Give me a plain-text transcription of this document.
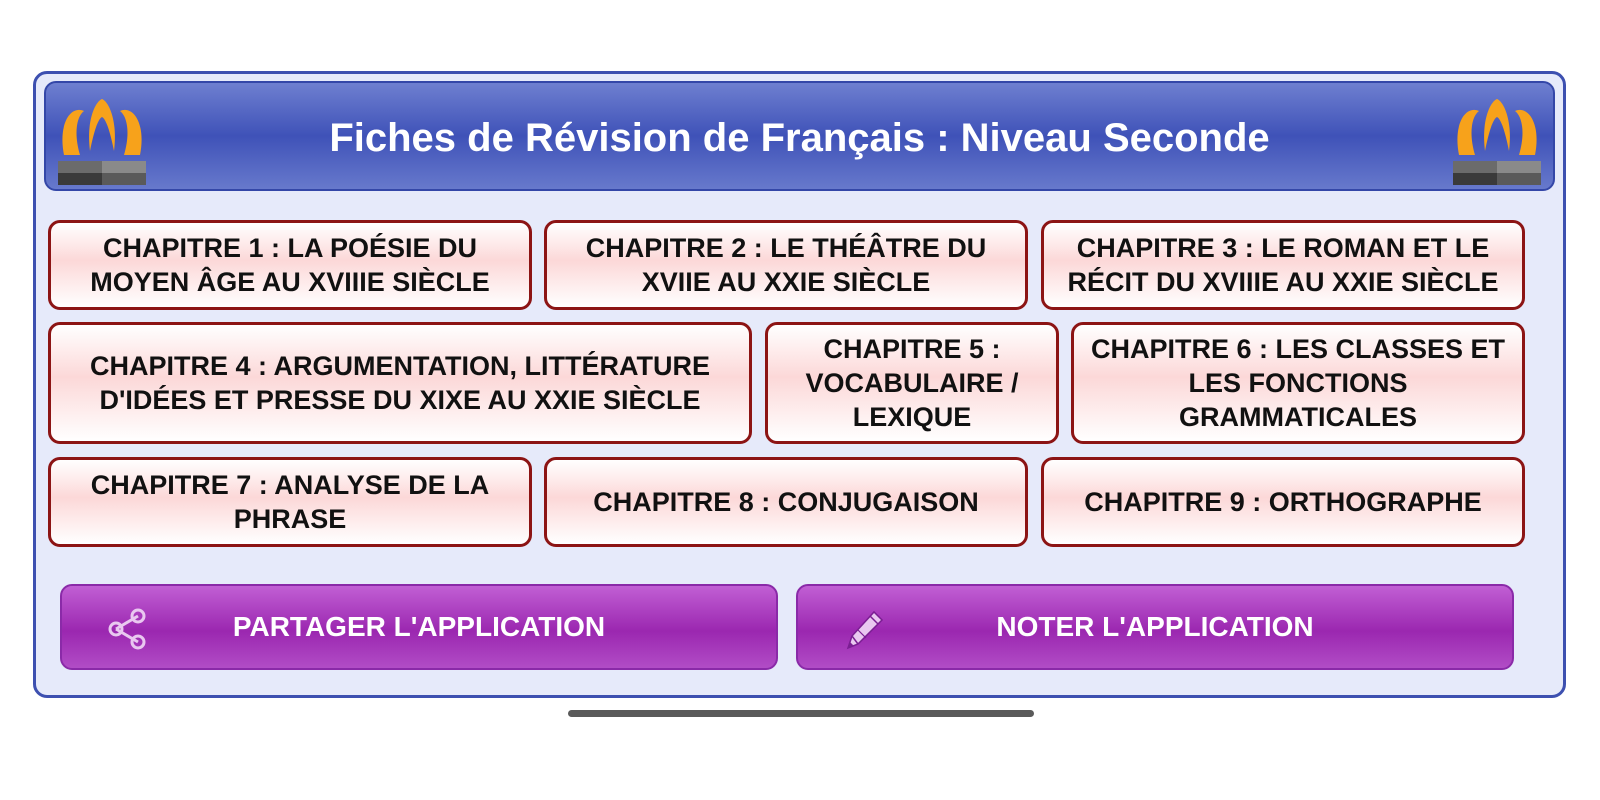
Fiches de Révision de Français : Niveau Seconde
CHAPITRE 1 : LA POÉSIE DU MOYEN ÂGE AU XVIIIE SIÈCLE
CHAPITRE 2 : LE THÉÂTRE DU XVIIE AU XXIE SIÈCLE
CHAPITRE 3 : LE ROMAN ET LE RÉCIT DU XVIIIE AU XXIE SIÈCLE
CHAPITRE 4 : ARGUMENTATION, LITTÉRATURE D'IDÉES ET PRESSE DU XIXE AU XXIE SIÈCLE
CHAPITRE 5 : VOCABULAIRE / LEXIQUE
CHAPITRE 6 : LES CLASSES ET LES FONCTIONS GRAMMATICALES
CHAPITRE 7 : ANALYSE DE LA PHRASE
CHAPITRE 8 : CONJUGAISON	CHAPITRE 9 : ORTHOGRAPHE
PARTAGER L'APPLICATION	NOTER L'APPLICATION
